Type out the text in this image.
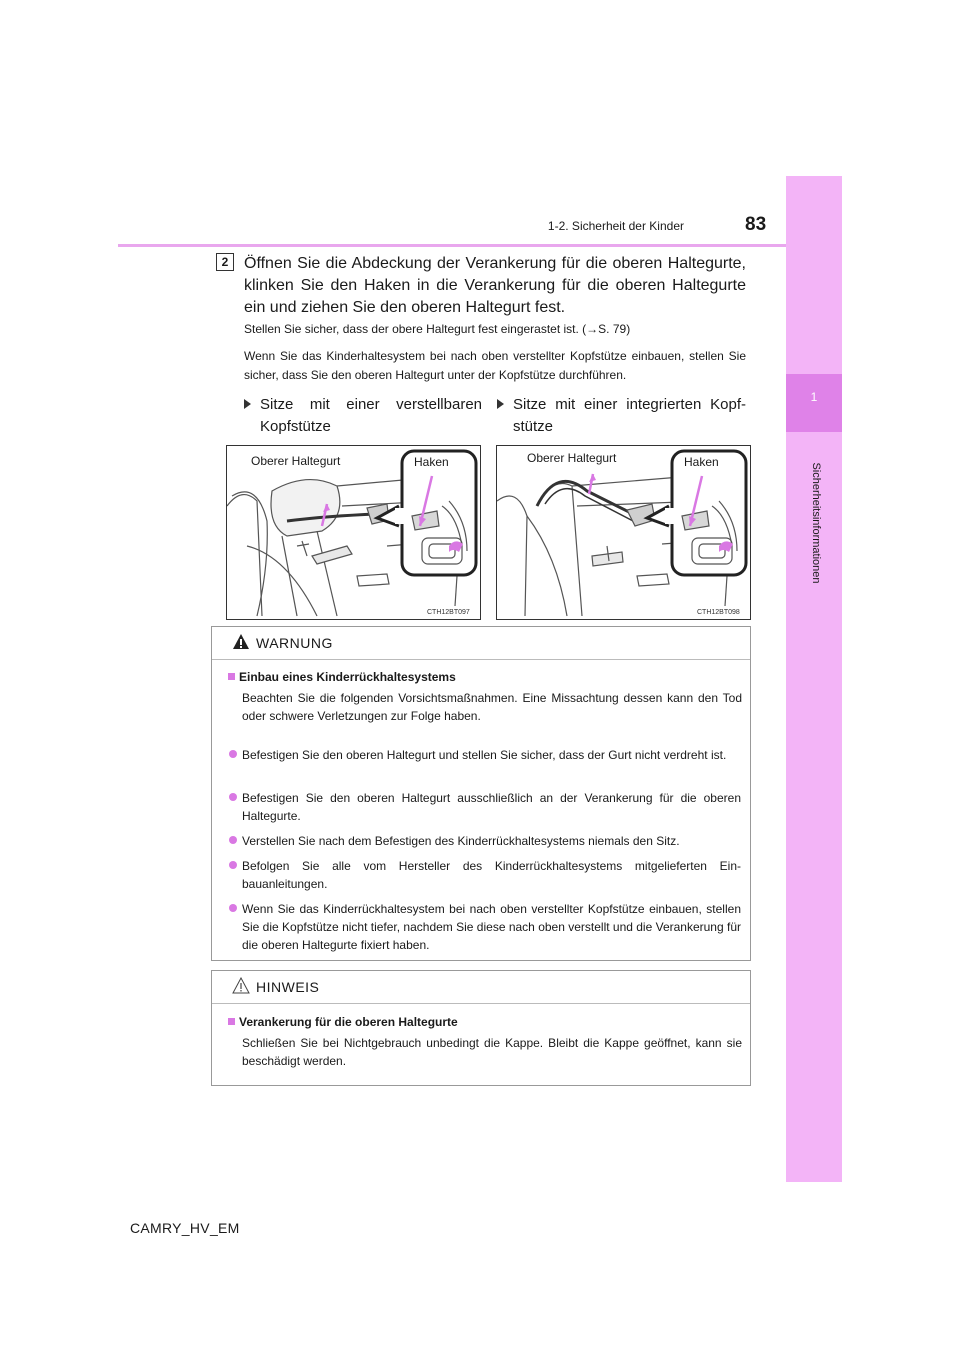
1
Sicherheitsinformationen
1-2. Sicherheit der Kinder	83
2 Öffnen Sie die Abdeckung der Verankerung für die oberen Haltegurte, klinken Sie den Haken in die Verankerung für die oberen Haltegurte ein und ziehen Sie den oberen Haltegurt fest.
Stellen Sie sicher, dass der obere Haltegurt fest eingerastet ist. (→S. 79)
Wenn Sie das Kinderhaltesystem bei nach oben verstellter Kopfstütze einbauen, stellen Sie sicher, dass Sie den oberen Haltegurt unter der Kopfstütze durchführen.
Sitze mit einer verstellbaren Kopfstütze
Sitze mit einer integrierten Kopfstütze
Oberer Haltegurt	Haken
CTH12BT097
Oberer Haltegurt	Haken
CTH12BT098
WARNUNG
Einbau eines Kinderrückhaltesystems
Beachten Sie die folgenden Vorsichtsmaßnahmen. Eine Missachtung dessen kann den Tod oder schwere Verletzungen zur Folge haben.
Befestigen Sie den oberen Haltegurt und stellen Sie sicher, dass der Gurt nicht verdreht ist.
Befestigen Sie den oberen Haltegurt ausschließlich an der Verankerung für die oberen Haltegurte.
Verstellen Sie nach dem Befestigen des Kinderrückhaltesystems niemals den Sitz.
Befolgen Sie alle vom Hersteller des Kinderrückhaltesystems mitgelieferten Einbauanleitungen.
Wenn Sie das Kinderrückhaltesystem bei nach oben verstellter Kopfstütze einbauen, stellen Sie die Kopfstütze nicht tiefer, nachdem Sie diese nach oben verstellt und die Verankerung für die oberen Haltegurte fixiert haben.
HINWEIS
Verankerung für die oberen Haltegurte
Schließen Sie bei Nichtgebrauch unbedingt die Kappe. Bleibt die Kappe geöffnet, kann sie beschädigt werden.
CAMRY_HV_EM
